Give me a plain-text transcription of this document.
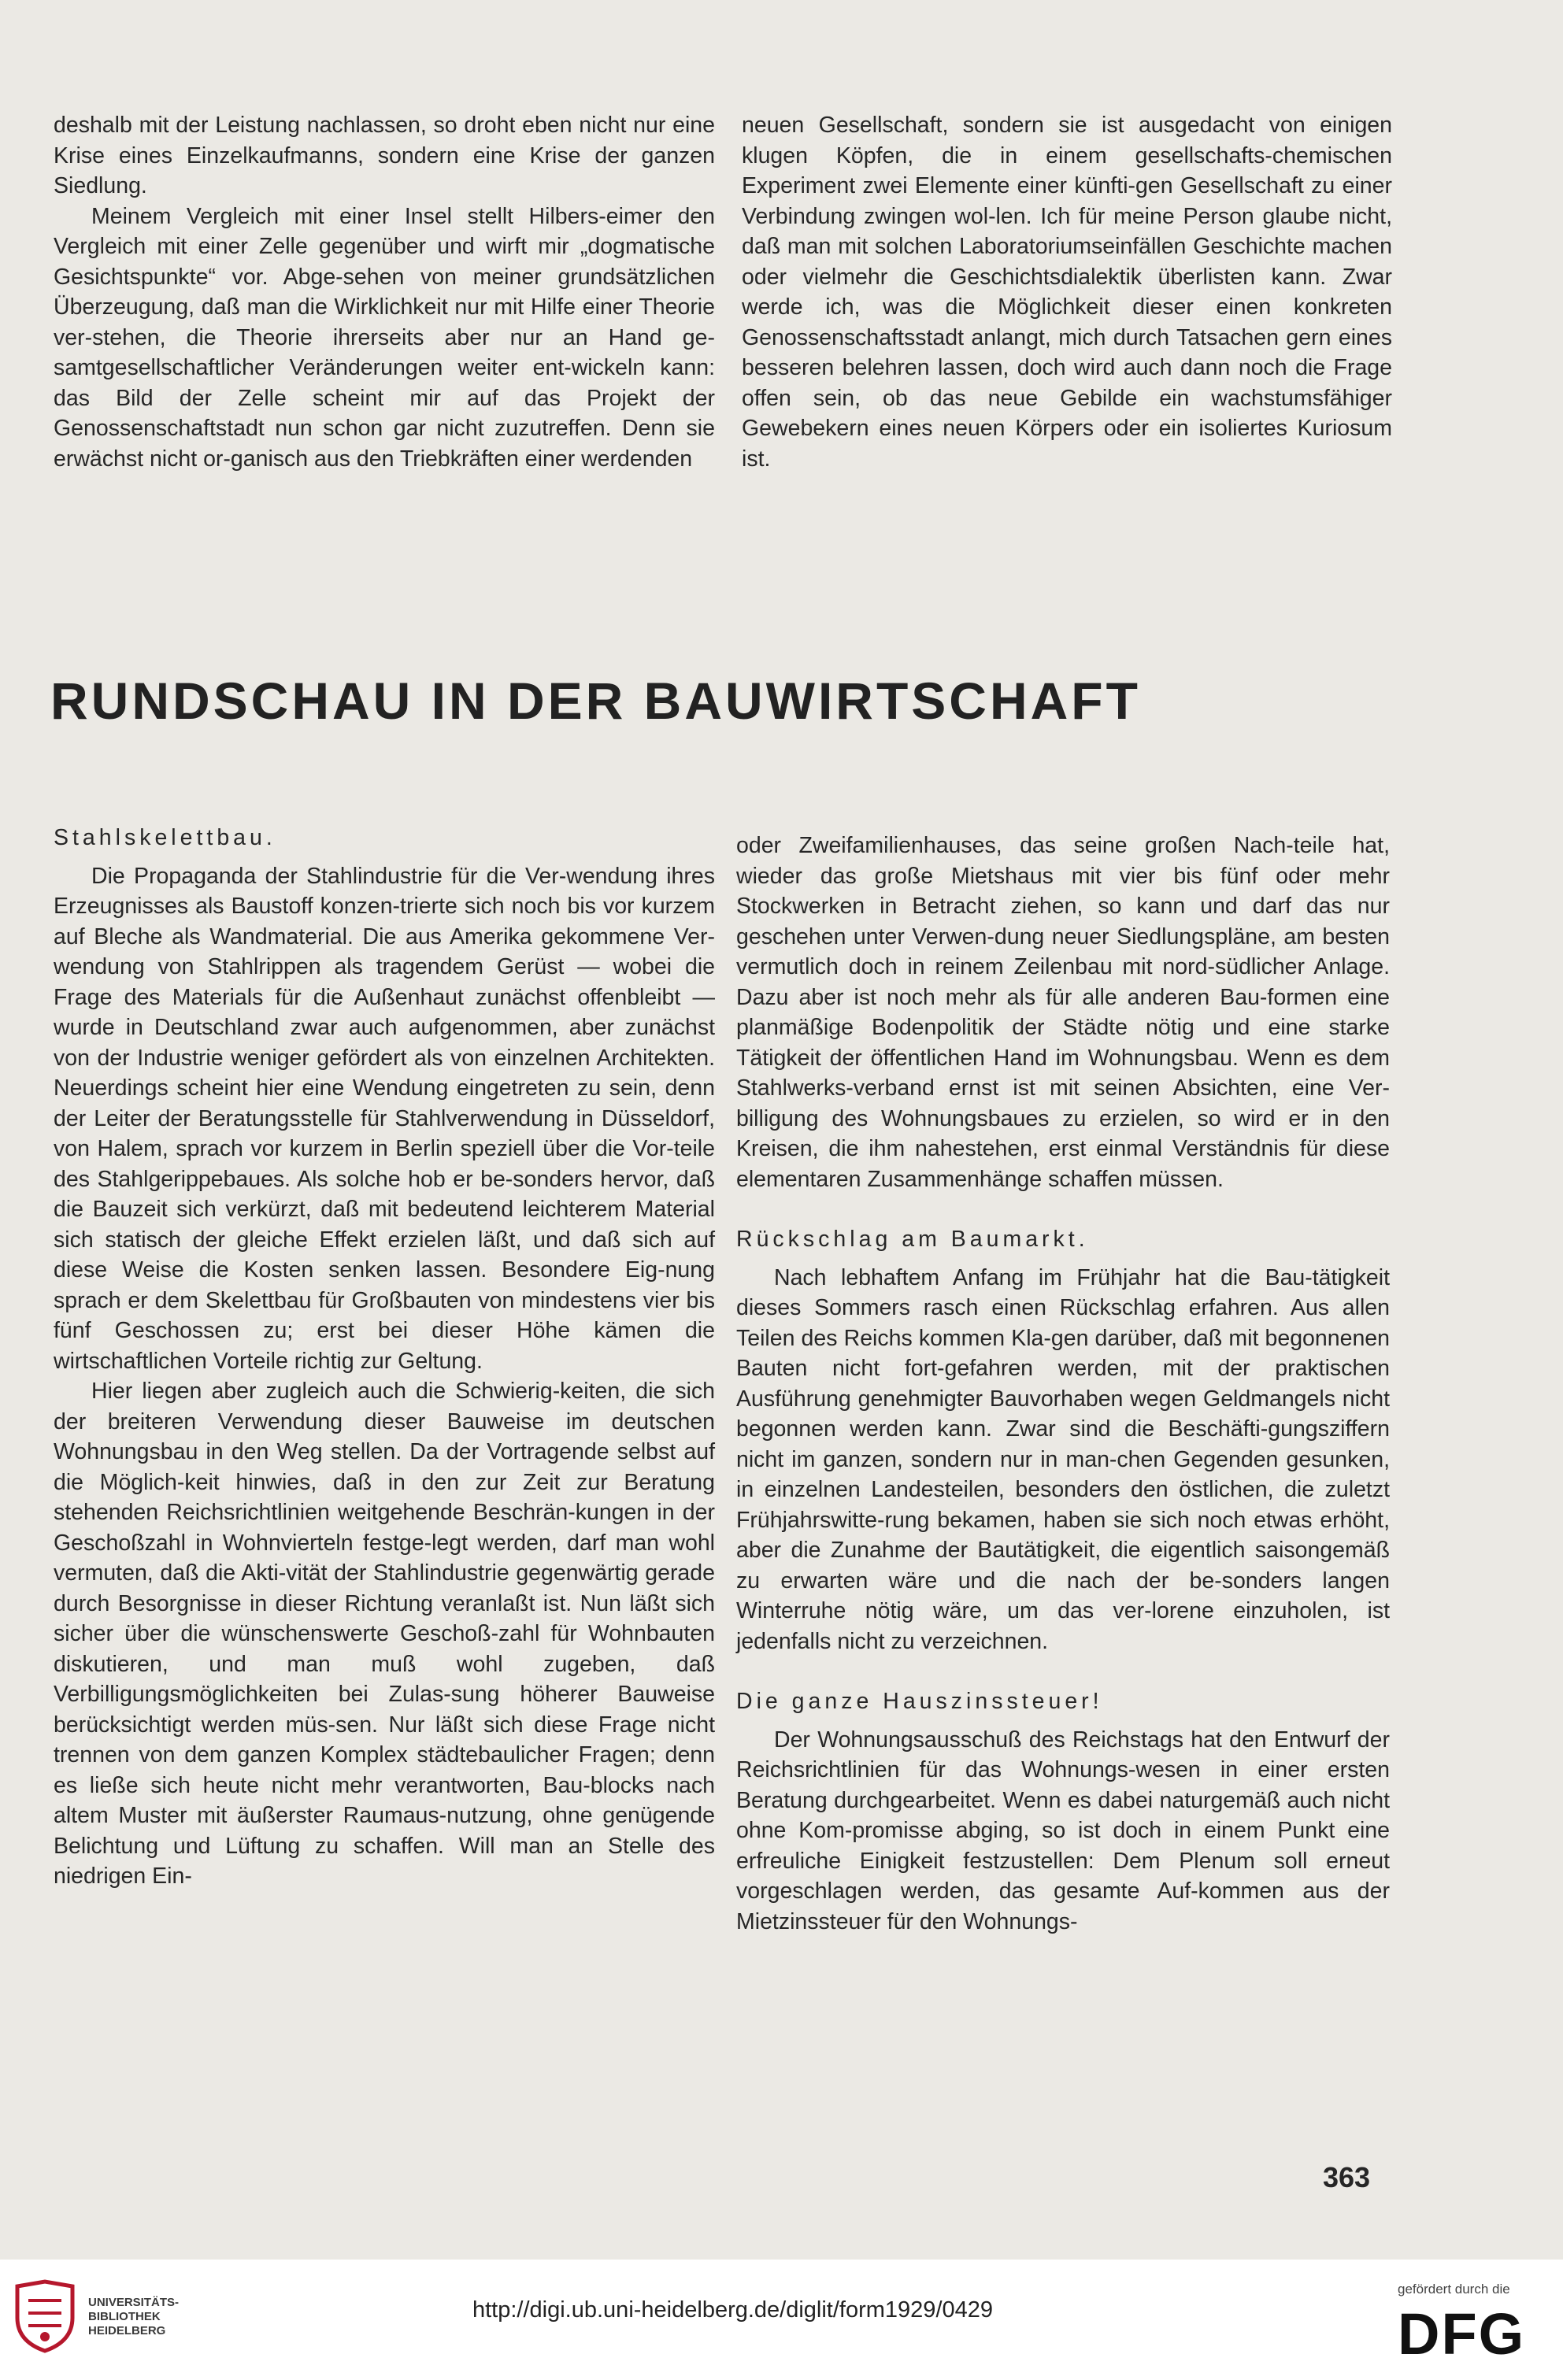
deshalb mit der Leistung nachlassen, so droht eben nicht nur eine Krise eines Einzelkaufmanns, sondern eine Krise der ganzen Siedlung.

Meinem Vergleich mit einer Insel stellt Hilbers-eimer den Vergleich mit einer Zelle gegenüber und wirft mir „dogmatische Gesichtspunkte“ vor. Abge-sehen von meiner grundsätzlichen Überzeugung, daß man die Wirklichkeit nur mit Hilfe einer Theorie ver-stehen, die Theorie ihrerseits aber nur an Hand ge-samtgesellschaftlicher Veränderungen weiter ent-wickeln kann: das Bild der Zelle scheint mir auf das Projekt der Genossenschaftstadt nun schon gar nicht zuzutreffen. Denn sie erwächst nicht or-ganisch aus den Triebkräften einer werdenden

neuen Gesellschaft, sondern sie ist ausgedacht von einigen klugen Köpfen, die in einem gesellschafts-chemischen Experiment zwei Elemente einer künfti-gen Gesellschaft zu einer Verbindung zwingen wol-len. Ich für meine Person glaube nicht, daß man mit solchen Laboratoriumseinfällen Geschichte machen oder vielmehr die Geschichtsdialektik überlisten kann. Zwar werde ich, was die Möglichkeit dieser einen konkreten Genossenschaftsstadt anlangt, mich durch Tatsachen gern eines besseren belehren lassen, doch wird auch dann noch die Frage offen sein, ob das neue Gebilde ein wachstumsfähiger Gewebekern eines neuen Körpers oder ein isoliertes Kuriosum ist.

RUNDSCHAU IN DER BAUWIRTSCHAFT

Stahlskelettbau.

Die Propaganda der Stahlindustrie für die Ver-wendung ihres Erzeugnisses als Baustoff konzen-trierte sich noch bis vor kurzem auf Bleche als Wandmaterial. Die aus Amerika gekommene Ver-wendung von Stahlrippen als tragendem Gerüst — wobei die Frage des Materials für die Außenhaut zunächst offenbleibt — wurde in Deutschland zwar auch aufgenommen, aber zunächst von der Industrie weniger gefördert als von einzelnen Architekten. Neuerdings scheint hier eine Wendung eingetreten zu sein, denn der Leiter der Beratungsstelle für Stahlverwendung in Düsseldorf, von Halem, sprach vor kurzem in Berlin speziell über die Vor-teile des Stahlgerippebaues. Als solche hob er be-sonders hervor, daß die Bauzeit sich verkürzt, daß mit bedeutend leichterem Material sich statisch der gleiche Effekt erzielen läßt, und daß sich auf diese Weise die Kosten senken lassen. Besondere Eig-nung sprach er dem Skelettbau für Großbauten von mindestens vier bis fünf Geschossen zu; erst bei dieser Höhe kämen die wirtschaftlichen Vorteile richtig zur Geltung.

Hier liegen aber zugleich auch die Schwierig-keiten, die sich der breiteren Verwendung dieser Bauweise im deutschen Wohnungsbau in den Weg stellen. Da der Vortragende selbst auf die Möglich-keit hinwies, daß in den zur Zeit zur Beratung stehenden Reichsrichtlinien weitgehende Beschrän-kungen in der Geschoßzahl in Wohnvierteln festge-legt werden, darf man wohl vermuten, daß die Akti-vität der Stahlindustrie gegenwärtig gerade durch Besorgnisse in dieser Richtung veranlaßt ist. Nun läßt sich sicher über die wünschenswerte Geschoß-zahl für Wohnbauten diskutieren, und man muß wohl zugeben, daß Verbilligungsmöglichkeiten bei Zulas-sung höherer Bauweise berücksichtigt werden müs-sen. Nur läßt sich diese Frage nicht trennen von dem ganzen Komplex städtebaulicher Fragen; denn es ließe sich heute nicht mehr verantworten, Bau-blocks nach altem Muster mit äußerster Raumaus-nutzung, ohne genügende Belichtung und Lüftung zu schaffen. Will man an Stelle des niedrigen Ein-

oder Zweifamilienhauses, das seine großen Nach-teile hat, wieder das große Mietshaus mit vier bis fünf oder mehr Stockwerken in Betracht ziehen, so kann und darf das nur geschehen unter Verwen-dung neuer Siedlungspläne, am besten vermutlich doch in reinem Zeilenbau mit nord-südlicher Anlage. Dazu aber ist noch mehr als für alle anderen Bau-formen eine planmäßige Bodenpolitik der Städte nötig und eine starke Tätigkeit der öffentlichen Hand im Wohnungsbau. Wenn es dem Stahlwerks-verband ernst ist mit seinen Absichten, eine Ver-billigung des Wohnungsbaues zu erzielen, so wird er in den Kreisen, die ihm nahestehen, erst einmal Verständnis für diese elementaren Zusammenhänge schaffen müssen.

Rückschlag am Baumarkt.

Nach lebhaftem Anfang im Frühjahr hat die Bau-tätigkeit dieses Sommers rasch einen Rückschlag erfahren. Aus allen Teilen des Reichs kommen Kla-gen darüber, daß mit begonnenen Bauten nicht fort-gefahren werden, mit der praktischen Ausführung genehmigter Bauvorhaben wegen Geldmangels nicht begonnen werden kann. Zwar sind die Beschäfti-gungsziffern nicht im ganzen, sondern nur in man-chen Gegenden gesunken, in einzelnen Landesteilen, besonders den östlichen, die zuletzt Frühjahrswitte-rung bekamen, haben sie sich noch etwas erhöht, aber die Zunahme der Bautätigkeit, die eigentlich saisongemäß zu erwarten wäre und die nach der be-sonders langen Winterruhe nötig wäre, um das ver-lorene einzuholen, ist jedenfalls nicht zu verzeichnen.

Die ganze Hauszinssteuer!

Der Wohnungsausschuß des Reichstags hat den Entwurf der Reichsrichtlinien für das Wohnungs-wesen in einer ersten Beratung durchgearbeitet. Wenn es dabei naturgemäß auch nicht ohne Kom-promisse abging, so ist doch in einem Punkt eine erfreuliche Einigkeit festzustellen: Dem Plenum soll erneut vorgeschlagen werden, das gesamte Auf-kommen aus der Mietzinssteuer für den Wohnungs-

363

UNIVERSITÄTS-
BIBLIOTHEK
HEIDELBERG

http://digi.ub.uni-heidelberg.de/diglit/form1929/0429

gefördert durch die

DFG
